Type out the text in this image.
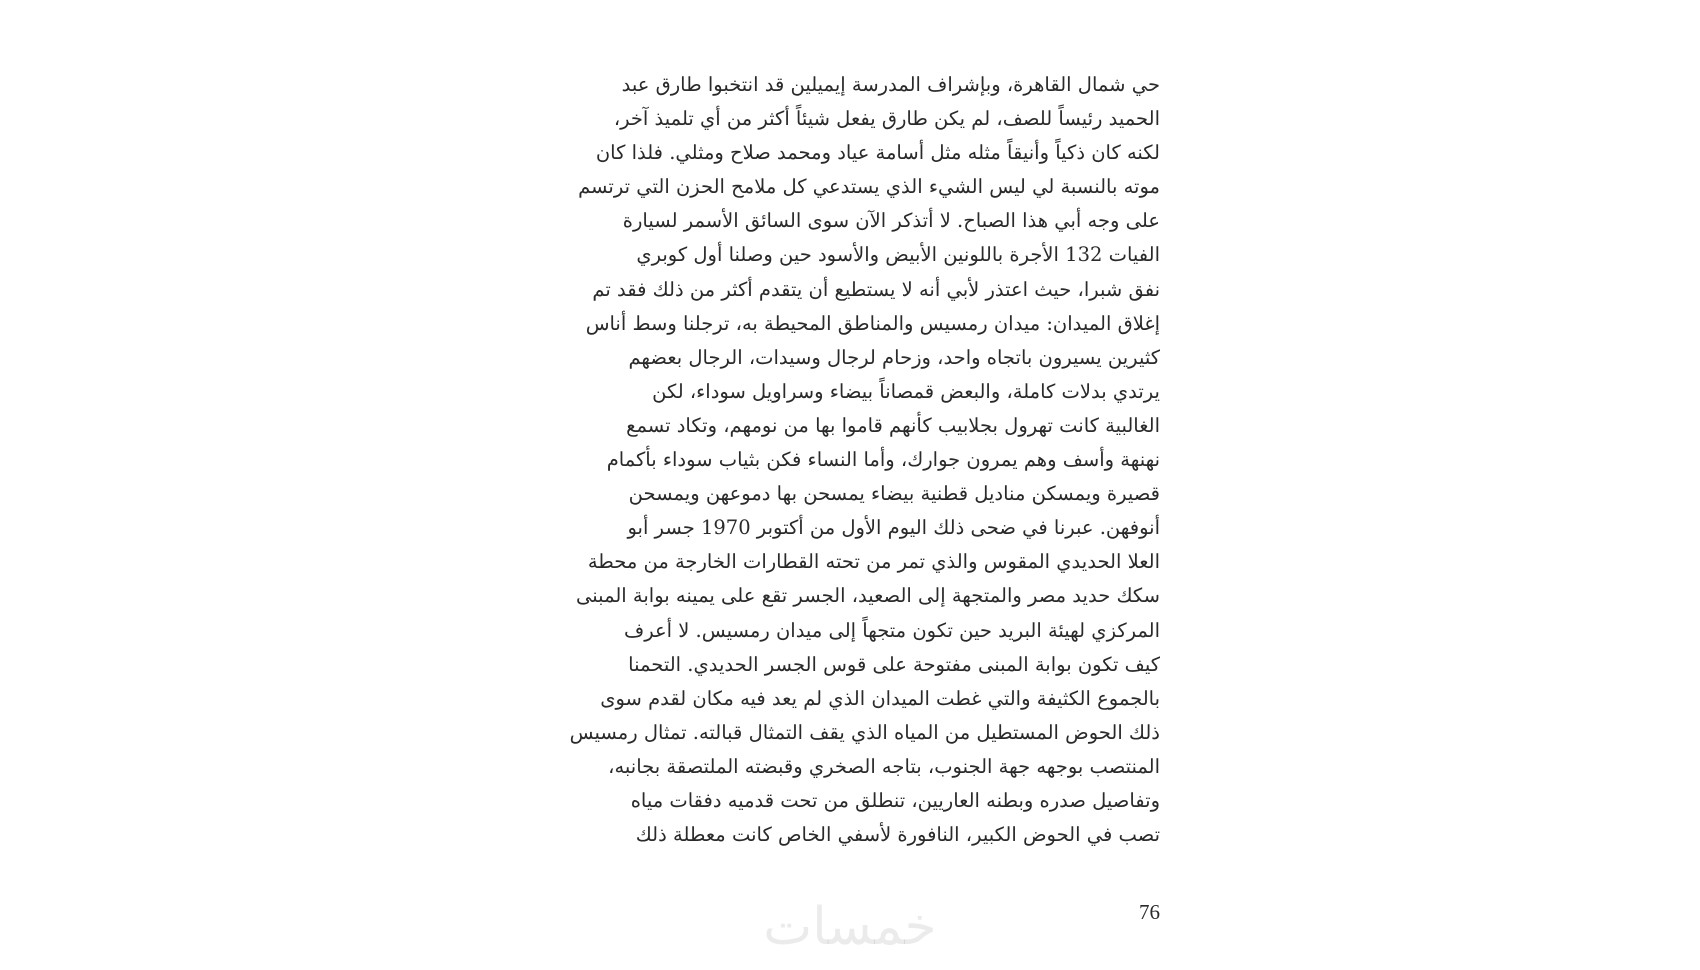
حي شمال القاهرة، وبإشراف المدرسة إيميلين قد انتخبوا طارق عبد
الحميد رئيساً للصف، لم يكن طارق يفعل شيئاً أكثر من أي تلميذ آخر،
لكنه كان ذكياً وأنيقاً مثله مثل أسامة عياد ومحمد صلاح ومثلي. فلذا كان
موته بالنسبة لي ليس الشيء الذي يستدعي كل ملامح الحزن التي ترتسم
على وجه أبي هذا الصباح. لا أتذكر الآن سوى السائق الأسمر لسيارة
الفيات 132 الأجرة باللونين الأبيض والأسود حين وصلنا أول كوبري
نفق شبرا، حيث اعتذر لأبي أنه لا يستطيع أن يتقدم أكثر من ذلك فقد تم
إغلاق الميدان: ميدان رمسيس والمناطق المحيطة به، ترجلنا وسط أناس
كثيرين يسيرون باتجاه واحد، وزحام لرجال وسيدات، الرجال بعضهم
يرتدي بدلات كاملة، والبعض قمصاناً بيضاء وسراويل سوداء، لكن
الغالبية كانت تهرول بجلابيب كأنهم قاموا بها من نومهم، وتكاد تسمع
نهنهة وأسف وهم يمرون جوارك، وأما النساء فكن بثياب سوداء بأكمام
قصيرة ويمسكن مناديل قطنية بيضاء يمسحن بها دموعهن ويمسحن
أنوفهن. عبرنا في ضحى ذلك اليوم الأول من أكتوبر 1970 جسر أبو
العلا الحديدي المقوس والذي تمر من تحته القطارات الخارجة من محطة
سكك حديد مصر والمتجهة إلى الصعيد، الجسر تقع على يمينه بوابة المبنى
المركزي لهيئة البريد حين تكون متجهاً إلى ميدان رمسيس. لا أعرف
كيف تكون بوابة المبنى مفتوحة على قوس الجسر الحديدي. التحمنا
بالجموع الكثيفة والتي غطت الميدان الذي لم يعد فيه مكان لقدم سوى
ذلك الحوض المستطيل من المياه الذي يقف التمثال قبالته. تمثال رمسيس
المنتصب بوجهه جهة الجنوب، بتاجه الصخري وقبضته الملتصقة بجانبه،
وتفاصيل صدره وبطنه العاريين، تنطلق من تحت قدميه دفقات مياه
تصب في الحوض الكبير، النافورة لأسفي الخاص كانت معطلة ذلك
76
خمسات
